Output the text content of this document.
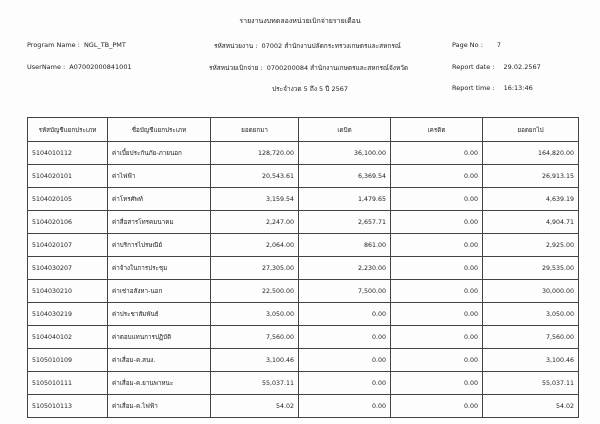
รายงานงบทดลองหน่วยเบิกจ่ายรายเดือน
Program Name : NGL_TB_PMT
UserName : A07002000841001
รหัสหน่วยงาน : 07002 สำนักงานปลัดกระทรวงเกษตรและสหกรณ์
รหัสหน่วยเบิกจ่าย : 0700200084 สำนักงานเกษตรและสหกรณ์จังหวัด
ประจำงวด 5 ถึง 5 ปี 2567
Page No : 7
Report date : 29.02.2567
Report time : 16:13:46
รหัสบัญชีแยกประเภท	ชื่อบัญชีแยกประเภท	ยอดยกมา	เดบิต	เครดิต	ยอดยกไป
5104010112	ค่าเบี้ยประกันภัย-ภายนอก	128,720.00	36,100.00	0.00	164,820.00
5104020101	ค่าไฟฟ้า	20,543.61	6,369.54	0.00	26,913.15
5104020105	ค่าโทรศัพท์	3,159.54	1,479.65	0.00	4,639.19
5104020106	ค่าสื่อสารโทรคมนาคม	2,247.00	2,657.71	0.00	4,904.71
5104020107	ค่าบริการไปรษณีย์	2,064.00	861.00	0.00	2,925.00
5104030207	ค่าจ้างในการประชุม	27,305.00	2,230.00	0.00	29,535.00
5104030210	ค่าเช่าอสังหา-นอก	22,500.00	7,500.00	0.00	30,000.00
5104030219	ค่าประชาสัมพันธ์	3,050.00	0.00	0.00	3,050.00
5104040102	ค่าตอบแทนการปฏิบัติ	7,560.00	0.00	0.00	7,560.00
5105010109	ค่าเสื่อม-ค.สนง.	3,100.46	0.00	0.00	3,100.46
5105010111	ค่าเสื่อม-ค.ยานพาหนะ	55,037.11	0.00	0.00	55,037.11
5105010113	ค่าเสื่อม-ค.ไฟฟ้า	54.02	0.00	0.00	54.02
